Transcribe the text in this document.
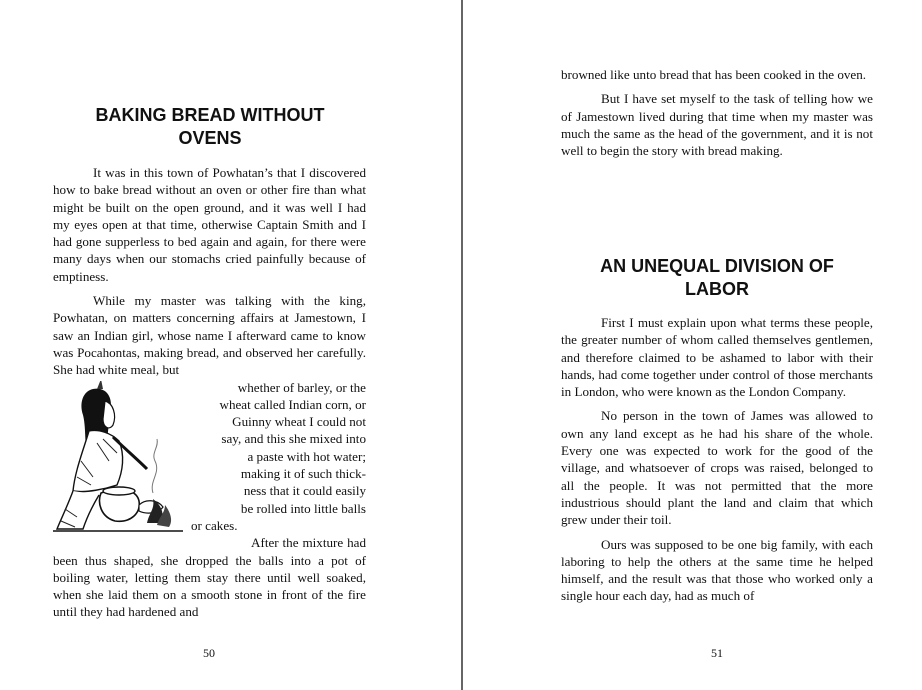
BAKING BREAD WITHOUT
OVENS

It was in this town of Powhatan’s that I discovered how to bake bread without an oven or other fire than what might be built on the open ground, and it was well I had my eyes open at that time, otherwise Captain Smith and I had gone supperless to bed again and again, for there were many days when our stomachs cried painfully because of emptiness.

While my master was talking with the king, Powhatan, on matters concerning affairs at Jamestown, I saw an Indian girl, whose name I afterward came to know was Pocahontas, making bread, and observed her carefully. She had white meal, but

whether of barley, or the
wheat called Indian corn, or
Guinny wheat I could not
say, and this she mixed into
a paste with hot water;
making it of such thick-
ness that it could easily
be rolled into little balls
or cakes.

After the mixture had been thus shaped, she dropped the balls into a pot of boiling water, letting them stay there until well soaked, when she laid them on a smooth stone in front of the fire until they had hardened and

50

browned like unto bread that has been cooked in the oven.

But I have set myself to the task of telling how we of Jamestown lived during that time when my master was much the same as the head of the government, and it is not well to begin the story with bread making.

AN UNEQUAL DIVISION OF
LABOR

First I must explain upon what terms these people, the greater number of whom called themselves gentlemen, and therefore claimed to be ashamed to labor with their hands, had come together under control of those merchants in London, who were known as the London Company.

No person in the town of James was allowed to own any land except as he had his share of the whole. Every one was expected to work for the good of the village, and whatsoever of crops was raised, belonged to all the people. It was not permitted that the more industrious should plant the land and claim that which grew under their toil.

Ours was supposed to be one big family, with each laboring to help the others at the same time he helped himself, and the result was that those who worked only a single hour each day, had as much of

51
